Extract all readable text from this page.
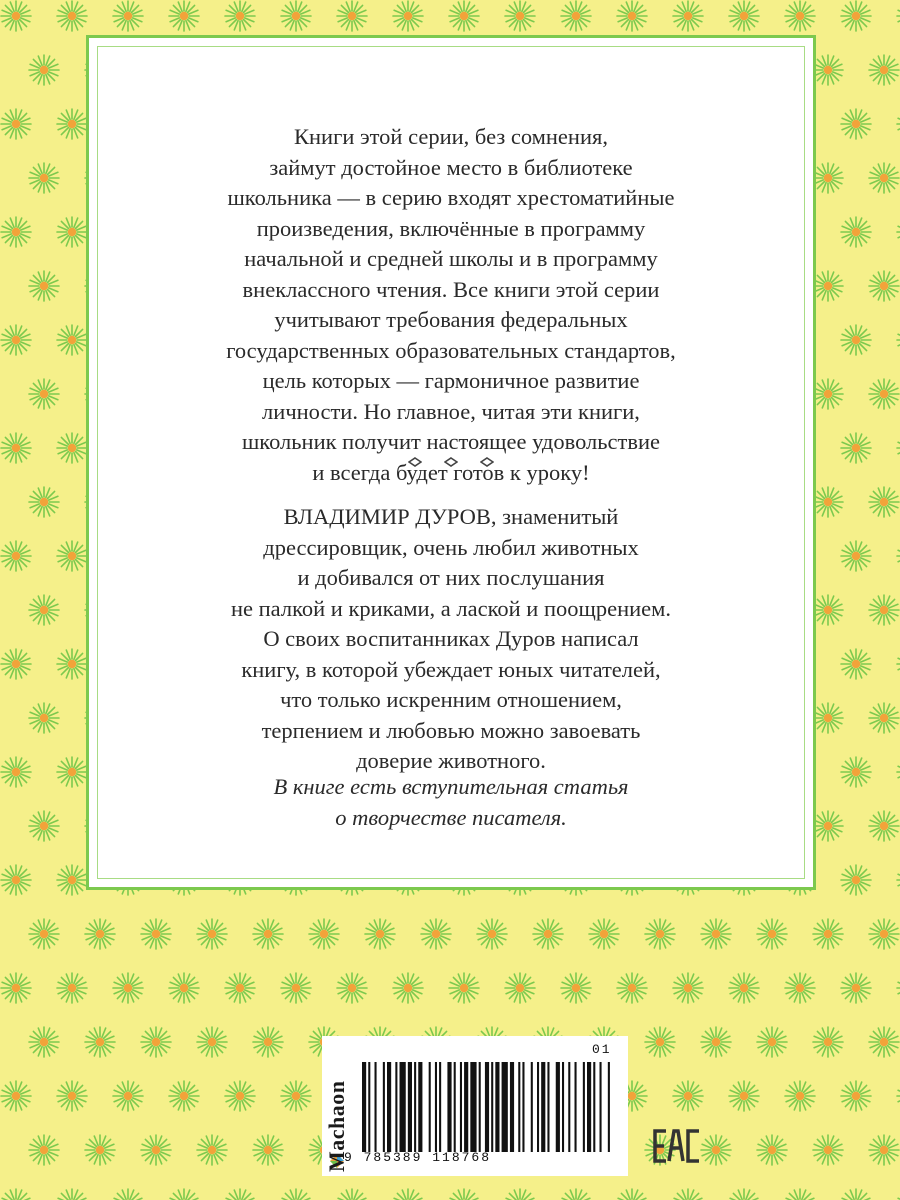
Книги этой серии, без сомнения,
займут достойное место в библиотеке
школьника — в серию входят хрестоматийные
произведения, включённые в программу
начальной и средней школы и в программу
внеклассного чтения. Все книги этой серии
учитывают требования федеральных
государственных образовательных стандартов,
цель которых — гармоничное развитие
личности. Но главное, читая эти книги,
школьник получит настоящее удовольствие
и всегда будет готов к уроку!

ВЛАДИМИР ДУРОВ, знаменитый
дрессировщик, очень любил животных
и добивался от них послушания
не палкой и криками, а лаской и поощрением.
О своих воспитанниках Дуров написал
книгу, в которой убеждает юных читателей,
что только искренним отношением,
терпением и любовью можно завоевать
доверие животного.
В книге есть вступительная статья
о творчестве писателя.
Machaon
01
9 785389 118768
